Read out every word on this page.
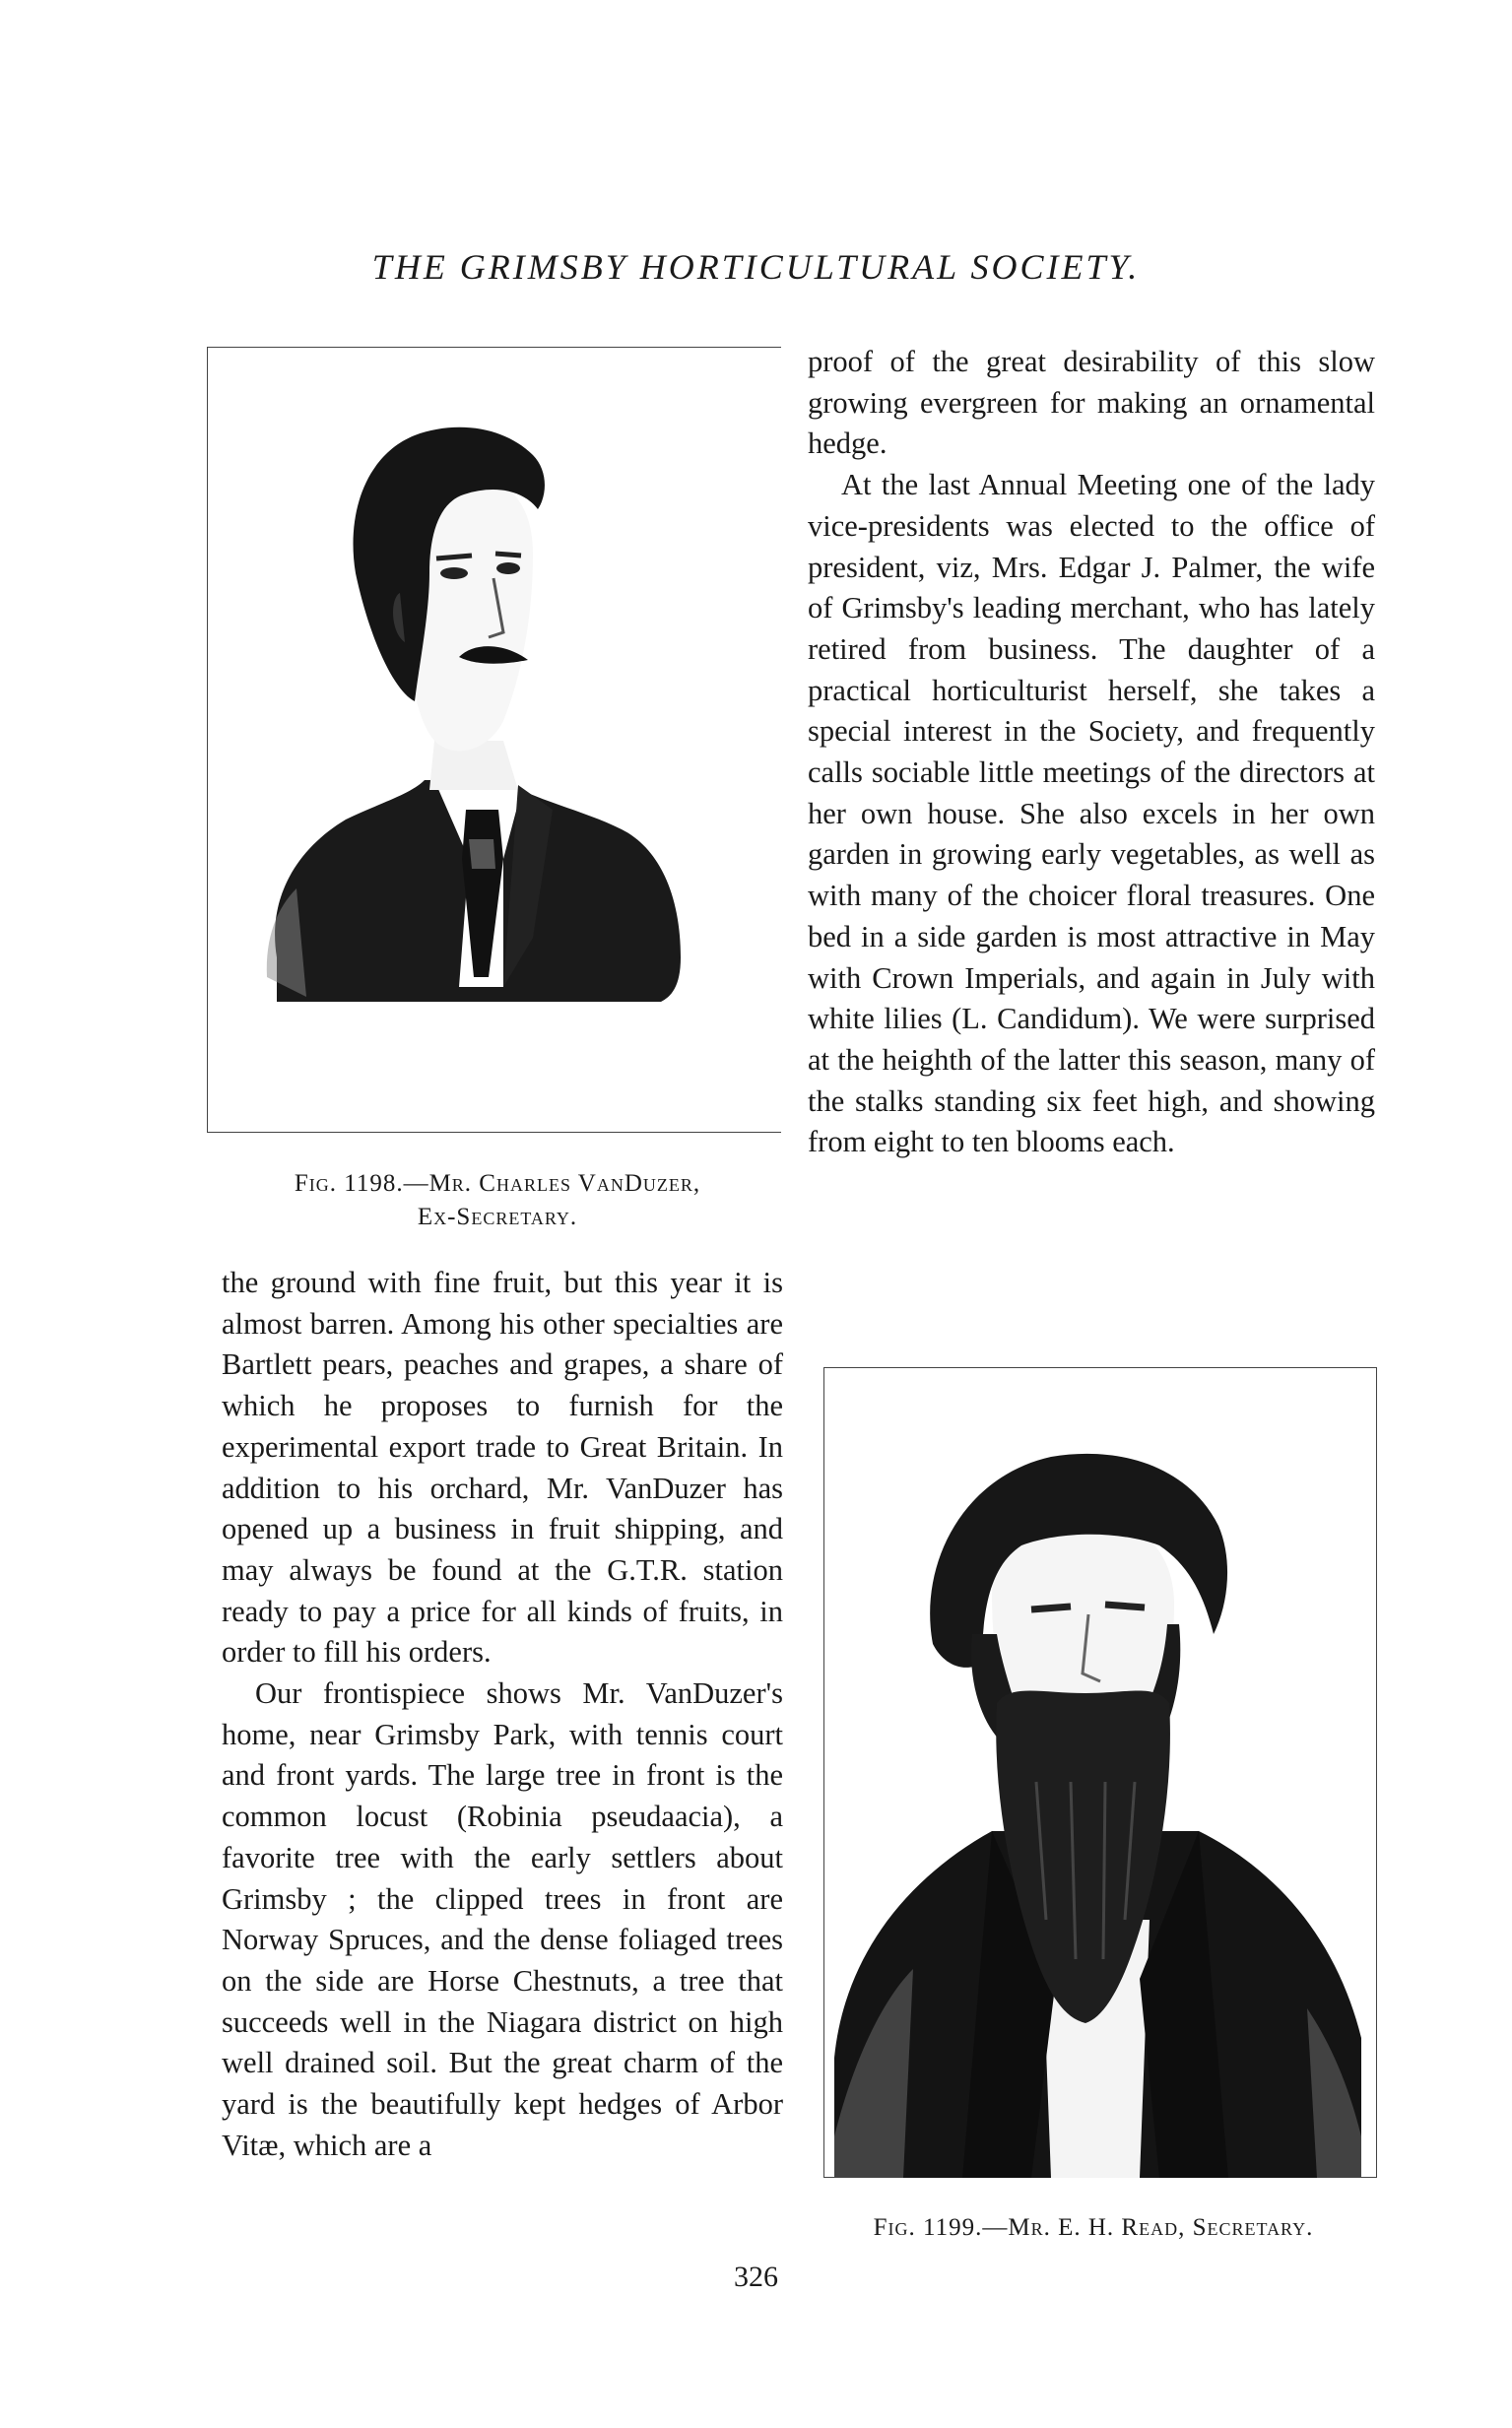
THE GRIMSBY HORTICULTURAL SOCIETY.
Fig. 1198.—Mr. Charles VanDuzer,
Ex-Secretary.

the ground with fine fruit, but this year it is almost barren. Among his other specialties are Bartlett pears, peaches and grapes, a share of which he proposes to furnish for the experimental export trade to Great Britain. In addition to his orchard, Mr. VanDuzer has opened up a business in fruit shipping, and may always be found at the G.T.R. station ready to pay a price for all kinds of fruits, in order to fill his orders.

Our frontispiece shows Mr. VanDuzer's home, near Grimsby Park, with tennis court and front yards. The large tree in front is the common locust (Robinia pseudaacia), a favorite tree with the early settlers about Grimsby ; the clipped trees in front are Norway Spruces, and the dense foliaged trees on the side are Horse Chestnuts, a tree that succeeds well in the Niagara district on high well drained soil. But the great charm of the yard is the beautifully kept hedges of Arbor Vitæ, which are a

proof of the great desirability of this slow growing evergreen for making an ornamental hedge.

At the last Annual Meeting one of the lady vice-presidents was elected to the office of president, viz, Mrs. Edgar J. Palmer, the wife of Grimsby's leading merchant, who has lately retired from business. The daughter of a practical horticulturist herself, she takes a special interest in the Society, and frequently calls sociable little meetings of the directors at her own house. She also excels in her own garden in growing early vegetables, as well as with many of the choicer floral treasures. One bed in a side garden is most attractive in May with Crown Imperials, and again in July with white lilies (L. Candidum). We were surprised at the heighth of the latter this season, many of the stalks standing six feet high, and showing from eight to ten blooms each.

Fig. 1199.—Mr. E. H. Read, Secretary.
326
